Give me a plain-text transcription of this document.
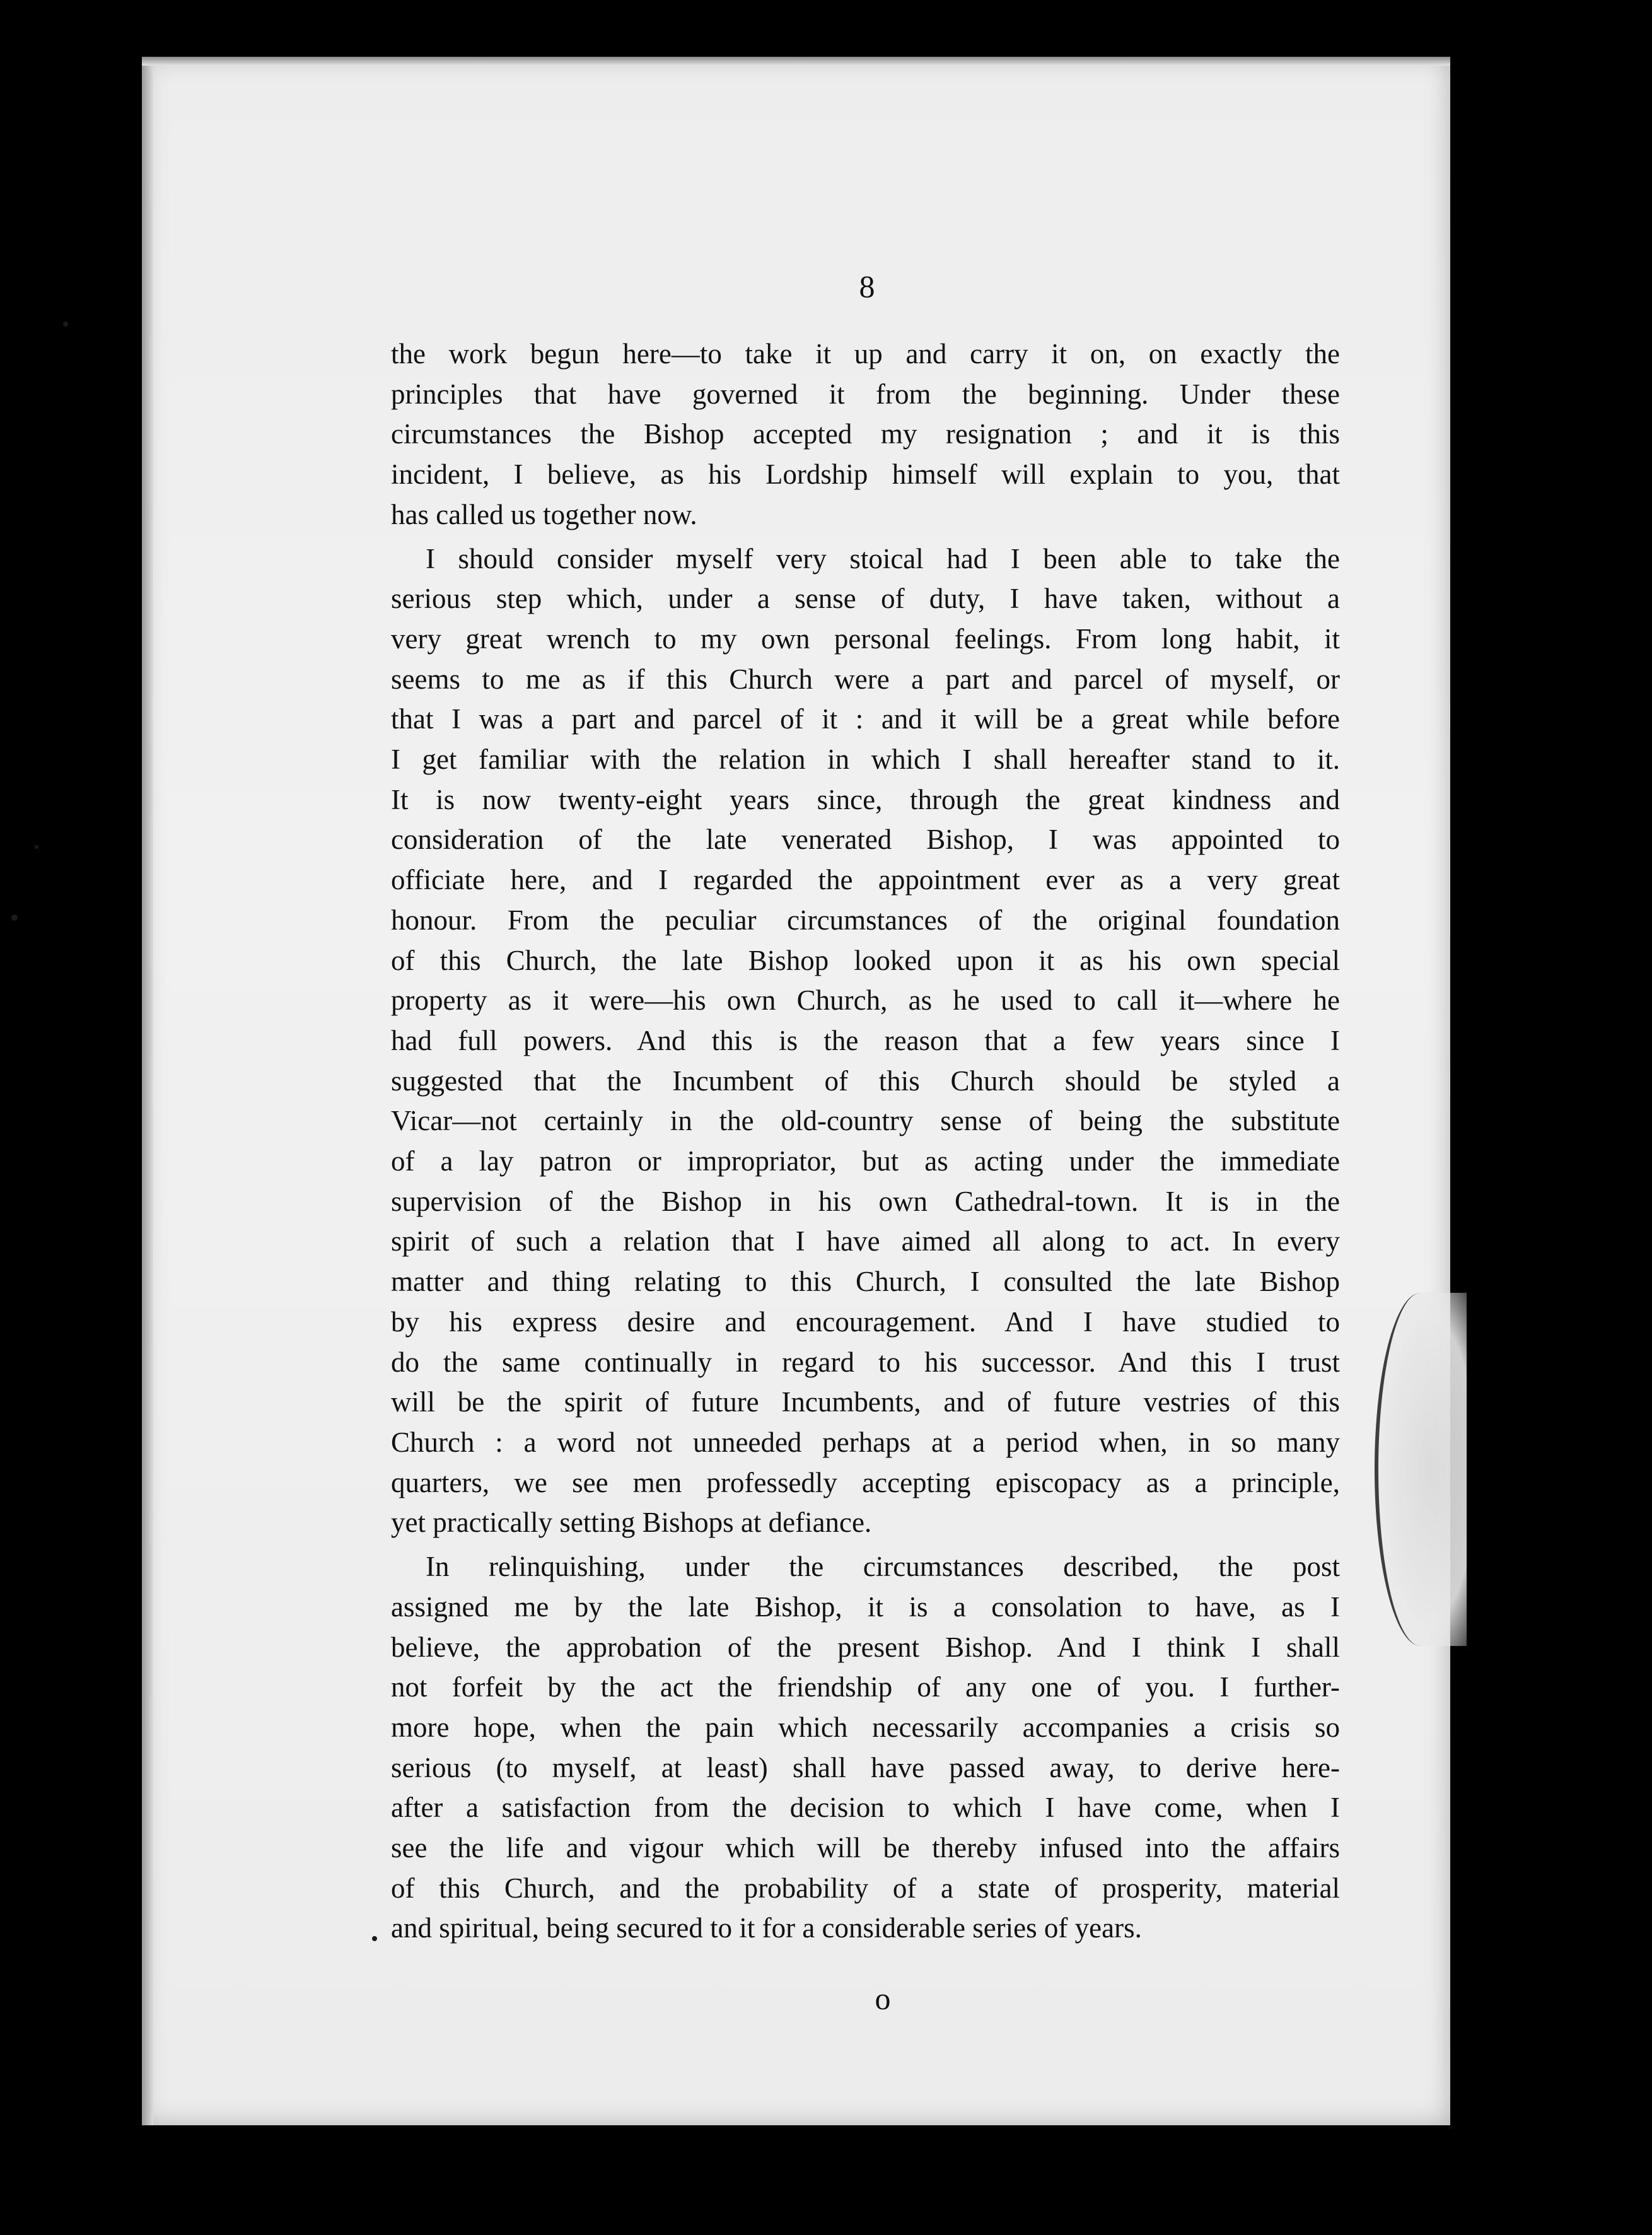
8

the work begun here—to take it up and carry it on, on exactly the
principles that have governed it from the beginning. Under these
circumstances the Bishop accepted my resignation ; and it is this
incident, I believe, as his Lordship himself will explain to you, that
has called us together now.

I should consider myself very stoical had I been able to take the
serious step which, under a sense of duty, I have taken, without a
very great wrench to my own personal feelings. From long habit, it
seems to me as if this Church were a part and parcel of myself, or
that I was a part and parcel of it : and it will be a great while before
I get familiar with the relation in which I shall hereafter stand to it.
It is now twenty-eight years since, through the great kindness and
consideration of the late venerated Bishop, I was appointed to
officiate here, and I regarded the appointment ever as a very great
honour. From the peculiar circumstances of the original foundation
of this Church, the late Bishop looked upon it as his own special
property as it were—his own Church, as he used to call it—where he
had full powers. And this is the reason that a few years since I
suggested that the Incumbent of this Church should be styled a
Vicar—not certainly in the old-country sense of being the substitute
of a lay patron or impropriator, but as acting under the immediate
supervision of the Bishop in his own Cathedral-town. It is in the
spirit of such a relation that I have aimed all along to act. In every
matter and thing relating to this Church, I consulted the late Bishop
by his express desire and encouragement. And I have studied to
do the same continually in regard to his successor. And this I trust
will be the spirit of future Incumbents, and of future vestries of this
Church : a word not unneeded perhaps at a period when, in so many
quarters, we see men professedly accepting episcopacy as a principle,
yet practically setting Bishops at defiance.

In relinquishing, under the circumstances described, the post
assigned me by the late Bishop, it is a consolation to have, as I
believe, the approbation of the present Bishop. And I think I shall
not forfeit by the act the friendship of any one of you. I further-
more hope, when the pain which necessarily accompanies a crisis so
serious (to myself, at least) shall have passed away, to derive here-
after a satisfaction from the decision to which I have come, when I
see the life and vigour which will be thereby infused into the affairs
of this Church, and the probability of a state of prosperity, material
and spiritual, being secured to it for a considerable series of years.

o
